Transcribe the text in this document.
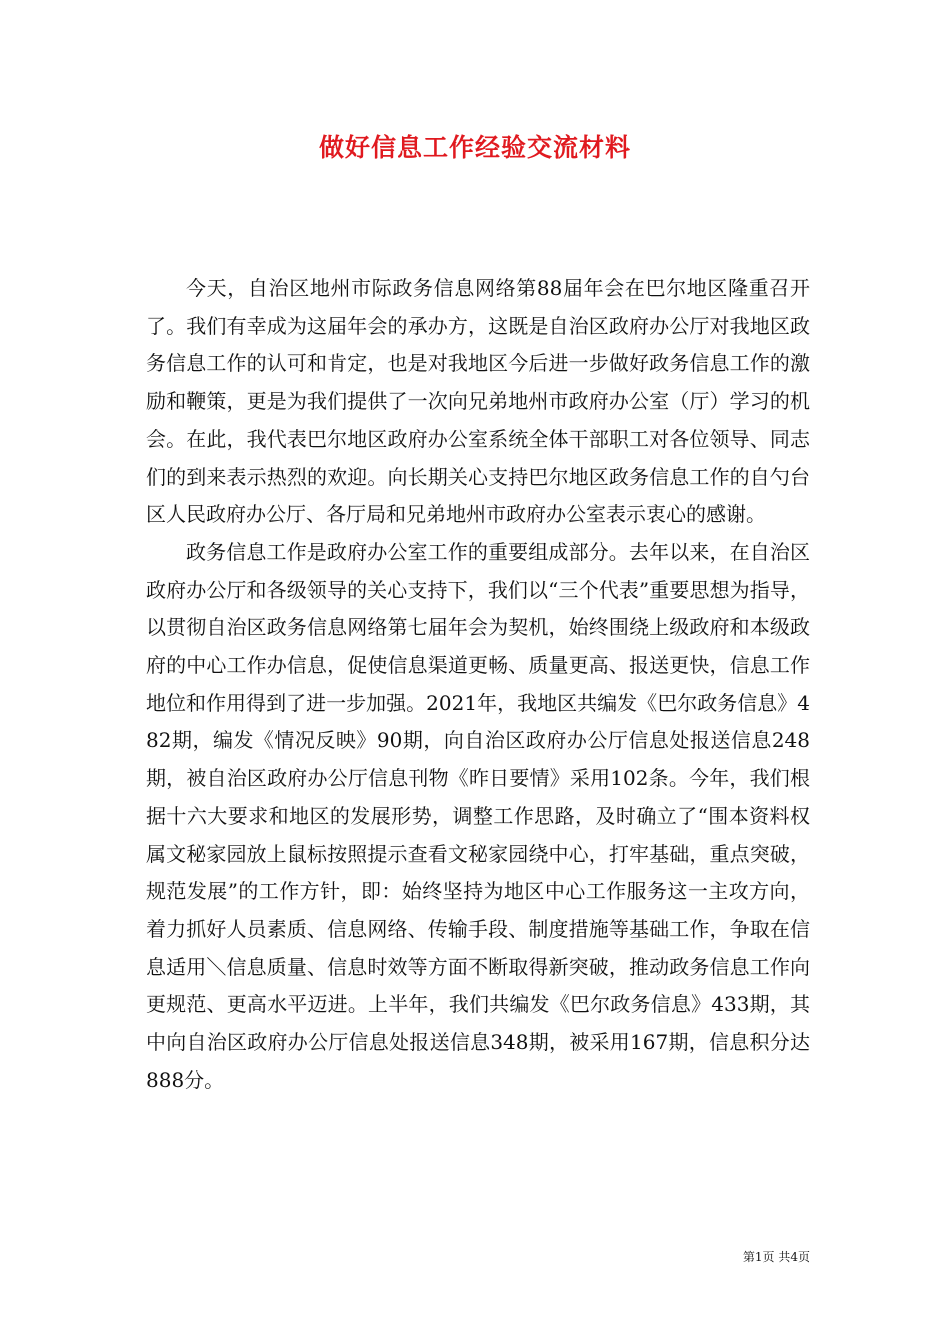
做好信息工作经验交流材料

今天，自治区地州市际政务信息网络第88届年会在巴尔地区隆重召开了。我们有幸成为这届年会的承办方，这既是自治区政府办公厅对我地区政务信息工作的认可和肯定，也是对我地区今后进一步做好政务信息工作的激励和鞭策，更是为我们提供了一次向兄弟地州市政府办公室（厅）学习的机会。在此，我代表巴尔地区政府办公室系统全体干部职工对各位领导、同志们的到来表示热烈的欢迎。向长期关心支持巴尔地区政务信息工作的自勺台区人民政府办公厅、各厅局和兄弟地州市政府办公室表示衷心的感谢。

政务信息工作是政府办公室工作的重要组成部分。去年以来，在自治区政府办公厅和各级领导的关心支持下，我们以“三个代表”重要思想为指导，以贯彻自治区政务信息网络第七届年会为契机，始终围绕上级政府和本级政府的中心工作办信息，促使信息渠道更畅、质量更高、报送更快，信息工作地位和作用得到了进一步加强。2021年，我地区共编发《巴尔政务信息》482期，编发《情况反映》90期，向自治区政府办公厅信息处报送信息248期，被自治区政府办公厅信息刊物《昨日要情》采用102条。今年，我们根据十六大要求和地区的发展形势，调整工作思路，及时确立了“围本资料权属文秘家园放上鼠标按照提示查看文秘家园绕中心，打牢基础，重点突破，规范发展”的工作方针，即：始终坚持为地区中心工作服务这一主攻方向，着力抓好人员素质、信息网络、传输手段、制度措施等基础工作，争取在信息适用＼信息质量、信息时效等方面不断取得新突破，推动政务信息工作向更规范、更高水平迈进。上半年，我们共编发《巴尔政务信息》433期，其中向自治区政府办公厅信息处报送信息348期，被采用167期，信息积分达888分。

第1页 共4页
